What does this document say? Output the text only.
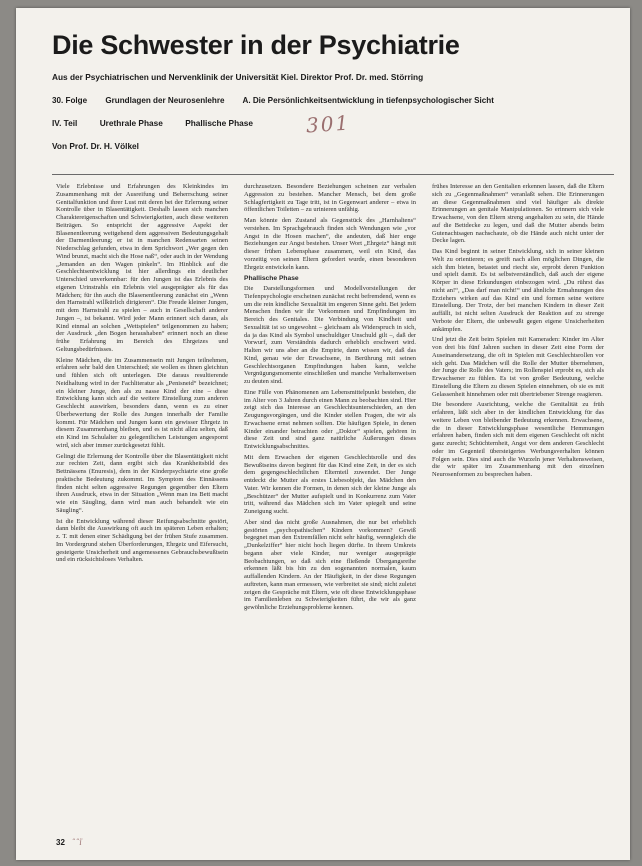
Die Schwester in der Psychiatrie
Aus der Psychiatrischen und Nervenklinik der Universität Kiel. Direktor Prof. Dr. med. Störring
30. Folge Grundlagen der Neurosenlehre A. Die Persönlichkeitsentwicklung in tiefenpsychologischer Sicht
IV. Teil	Urethrale Phase	Phallische Phase	301
Von Prof. Dr. H. Völkel

Viele Erlebnisse und Erfahrungen des Kleinkindes im Zusammenhang mit der Ausreifung und Beherrschung seiner Genitalfunktion und ihrer Lust mit deren bei der Erlernung seiner Kontrolle über in Blasentätigkeit. Deshalb lassen sich manchen Charaktereigenschaften und Schwierigkeiten, auch diese weiteren Beiträgen. So entspricht der aggressive Aspekt der Blasenentleerung weitgehend dem aggressiven Bedeutungsgehalt der Darmentleerung; er ist in manchen Redensarten seinen Niederschlag gefunden, etwa in dem Sprichwort „Wer gegen den Wind brunzt, macht sich die Hose naß“, oder auch in der Wendung „Jemanden an den Wagen pinkeln“. Im Hinblick auf die Geschlechtsentwicklung ist hier allerdings ein deutlicher Unterschied unverkennbar: für den Jungen ist das Erlebnis des eigenen Urinstrahls ein Erlebnis viel ausgeprägter als für das Mädchen; für ihn auch die Blasenentleerung zunächst ein „Wenn den Harnstrahl willkürlich dirigieren“. Die Freude kleiner Jungen, mit dem Harnstrahl zu spielen – auch in Gesellschaft anderer Jungen –, ist bekannt. Wird jeder Mann erinnert sich daran, als Kind einmal an solchen „Wettspielen“ teilgenommen zu haben; der Ausdruck „den Bogen heraushaben“ erinnert noch an diese frühe Erfahrung im Bereich des Ehrgeizes und Geltungsbedürfnisses.

Kleine Mädchen, die im Zusammensein mit Jungen teilnehmen, erfahren sehr bald den Unterschied; sie wollen es ihnen gleichtun und fühlen sich oft unterlegen. Die daraus resultierende Neidhaltung wird in der Fachliteratur als „Penisneid“ bezeichnet; ein kleiner Junge, den als zu nasse Kind der eine – diese Entwicklung kann sich auf die weitere Einstellung zum anderen Geschlecht auswirken, besonders dann, wenn es zu einer Überbewertung der Rolle des Jungen innerhalb der Familie kommt. Für Mädchen und Jungen kann ein gewisser Ehrgeiz in diesem Zusammenhang bleiben, und es ist nicht allzu selten, daß ein Kind im Schulalter zu gelegentlichen Leistungen angespornt wird, sich aber immer zurückgesetzt fühlt.

Gelingt die Erlernung der Kontrolle über die Blasentätigkeit nicht zur rechten Zeit, dann ergibt sich das Krankheitsbild des Bettnässens (Enuresis), dem in der Kinderpsychiatrie eine große praktische Bedeutung zukommt. Im Symptom des Einnässens finden nicht selten aggressive Regungen gegenüber den Eltern ihren Ausdruck, etwa in der Situation „Wenn man ins Bett macht wie ein Säugling, dann wird man auch behandelt wie ein Säugling“.

Ist die Entwicklung während dieser Reifungsabschnitte gestört, dann bleibt die Auswirkung oft auch im späteren Leben erhalten; z. T. mit denen einer Schädigung bei der frühen Stufe zusammen. Im Vordergrund stehen Überforderungen, Ehrgeiz und Eifersucht, gesteigerte Unsicherheit und angemessenes Gebrauchsbewußtsein und ein rücksichtsloses Verhalten.

durchzusetzen. Besondere Beziehungen scheinen zur verbalen Aggression zu bestehen. Mancher Mensch, bei dem große Schlagfertigkeit zu Tage tritt, ist in Gegenwart anderer – etwa in öffentlichen Toiletten – zu urinieren unfähig.

Man könnte den Zustand als Gegenstück des „Harnhaltens“ verstehen. Im Sprachgebrauch finden sich Wendungen wie „vor Angst in die Hosen machen“, die andeuten, daß hier enge Beziehungen zur Angst bestehen. Unser Wort „Ehrgeiz“ hängt mit dieser frühen Lebensphase zusammen, weil ein Kind, das vorzeitig von seinen Eltern gefordert wurde, einen besonderen Ehrgeiz entwickeln kann.

Phallische Phase

Die Darstellungsformen und Modellvorstellungen der Tiefenpsychologie erscheinen zunächst recht befremdend, wenn es um die rein kindliche Sexualität im engeren Sinne geht. Bei jedem Menschen finden wir ihr Vorkommen und Empfindungen im Bereich des Genitales. Die Verbindung von Kindheit und Sexualität ist so ungewohnt – gleichsam als Widerspruch in sich, da ja das Kind als Symbol unschuldiger Unschuld gilt –, daß der Vorwurf, zum Verständnis dadurch erheblich erschwert wird. Halten wir uns aber an die Empirie, dann wissen wir, daß das Kind, genau wie der Erwachsene, in Berührung mit seinen Geschlechtsorganen Empfindungen haben kann, welche Vergnügungsmomente einschließen und manche Verhaltenweisen zu deuten sind.

Eine Fülle von Phänomenen am Lebensmittelpunkt bestehen, die im Alter von 3 Jahren durch einen Mann zu beobachten sind. Hier zeigt sich das Interesse an Geschlechtsunterschieden, an den Zeugungsvorgängen, und die Kinder stellen Fragen, die wir als Erwachsene ernst nehmen sollten. Die häufigen Spiele, in denen Kinder einander betrachten oder „Doktor“ spielen, gehören in diese Zeit und sind ganz natürliche Äußerungen dieses Entwicklungsabschnittes.

Mit dem Erwachen der eigenen Geschlechtsrolle und des Bewußtseins davon beginnt für das Kind eine Zeit, in der es sich dem gegengeschlechtlichen Elternteil zuwendet. Der Junge entdeckt die Mutter als erstes Liebesobjekt, das Mädchen den Vater. Wir kennen die Formen, in denen sich der kleine Junge als „Beschützer“ der Mutter aufspielt und in Konkurrenz zum Vater tritt, während das Mädchen sich im Vater spiegelt und seine Zuneigung sucht.

Aber sind das nicht große Ausnahmen, die nur bei erheblich gestörten „psychopathischen“ Kindern vorkommen? Gewiß begegnet man den Extremfällen nicht sehr häufig, wenngleich die „Dunkelziffer“ hier nicht hoch liegen dürfte. In ihrem Umkreis begann aber viele Kinder, nur weniger ausgeprägte Beobachtungen, so daß sich eine fließende Übergangsreihe erkennen läßt bis hin zu den sogenannten normalen, kaum auffallenden Kindern. An der Häufigkeit, in der diese Regungen auftreten, kann man ermessen, wie verbreitet sie sind; nicht zuletzt zeigen die Gespräche mit Eltern, wie oft diese Entwicklungsphase im Familienleben zu Schwierigkeiten führt, die wir als ganz gewöhnliche Erziehungsprobleme kennen.

frühes Interesse an den Genitalien erkennen lassen, daß die Eltern sich zu „Gegenmaßnahmen“ veranlaßt sehen. Die Erinnerungen an diese Gegenmaßnahmen sind viel häufiger als direkte Erinnerungen an genitale Manipulationen. So erinnern sich viele Erwachsene, von den Eltern streng angehalten zu sein, die Hände auf die Bettdecke zu legen, und daß die Mutter abends beim Gutenachtsagen nachschaute, ob die Hände auch nicht unter der Decke lagen.

Das Kind beginnt in seiner Entwicklung, sich in seiner kleinen Welt zu orientieren; es greift nach allen möglichen Dingen, die sich ihm bieten, betastet und riecht sie, erprobt deren Funktion und spielt damit. Es ist selbstverständlich, daß auch der eigene Körper in diese Erkundungen einbezogen wird. „Du rührst das nicht an!“, „Das darf man nicht!“ und ähnliche Ermahnungen des Erziehers wirken auf das Kind ein und formen seine weitere Einstellung. Der Trotz, der bei manchen Kindern in dieser Zeit auffällt, ist nicht selten Ausdruck der Reaktion auf zu strenge Verbote der Eltern, die unbewußt gegen eigene Unsicherheiten ankämpfen.

Und jetzt die Zeit beim Spielen mit Kameraden: Kinder im Alter von drei bis fünf Jahren suchen in dieser Zeit eine Form der Auseinandersetzung, die oft in Spielen mit Geschlechtsrollen vor sich geht. Das Mädchen will die Rolle der Mutter übernehmen, der Junge die Rolle des Vaters; im Rollenspiel erprobt es, sich als Erwachsener zu fühlen. Es ist von großer Bedeutung, welche Einstellung die Eltern zu diesen Spielen einnehmen, ob sie es mit Gelassenheit hinnehmen oder mit übertriebener Strenge reagieren.

Die besondere Ausrichtung, welche die Genitalität zu früh erfahren, läßt sich aber in der kindlichen Entwicklung für das weitere Leben von bleibender Bedeutung erkennen. Erwachsene, die in dieser Entwicklungsphase wesentliche Hemmungen erfahren haben, finden sich mit dem eigenen Geschlecht oft nicht ganz zurecht; Schüchternheit, Angst vor dem anderen Geschlecht oder im Gegenteil übersteigertes Werbungsverhalten können Folgen sein. Dies sind auch die Wurzeln jener Verhaltensweisen, die wir später im Zusammenhang mit den einzelnen Neurosenformen zu besprechen haben.

32 ˆˆï
